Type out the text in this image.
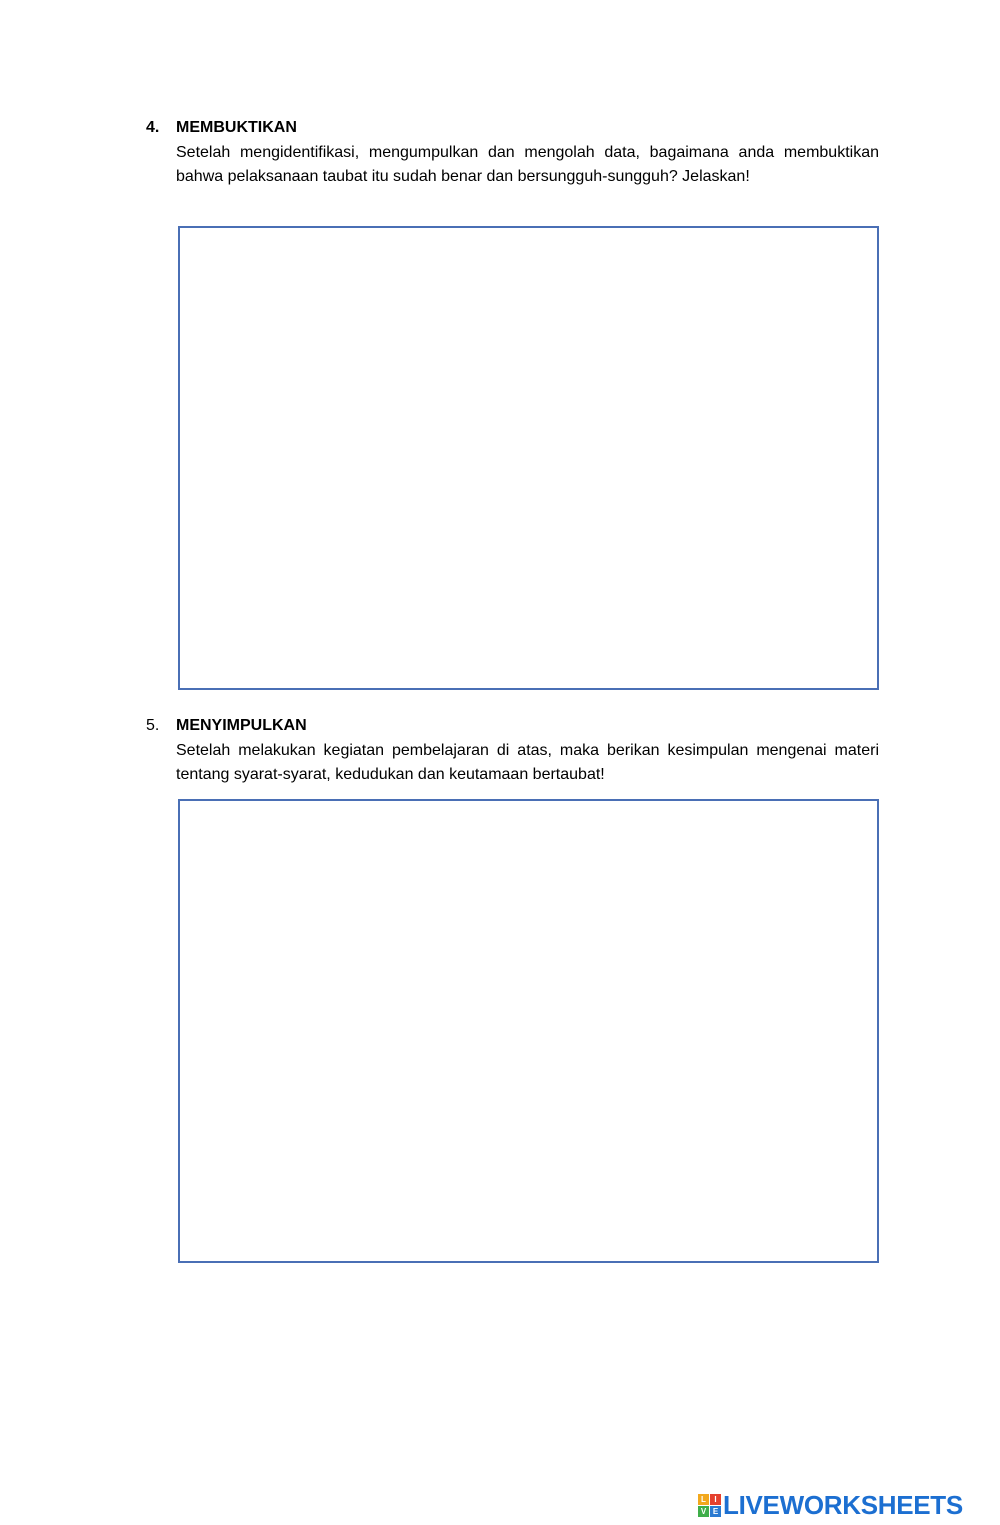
4. MEMBUKTIKAN
Setelah mengidentifikasi, mengumpulkan dan mengolah data, bagaimana anda membuktikan bahwa pelaksanaan taubat itu sudah benar dan bersungguh-sungguh? Jelaskan!
5. MENYIMPULKAN
Setelah melakukan kegiatan pembelajaran di atas, maka berikan kesimpulan mengenai materi tentang syarat-syarat, kedudukan dan keutamaan bertaubat!
L	I
V E LIVEWORKSHEETS
